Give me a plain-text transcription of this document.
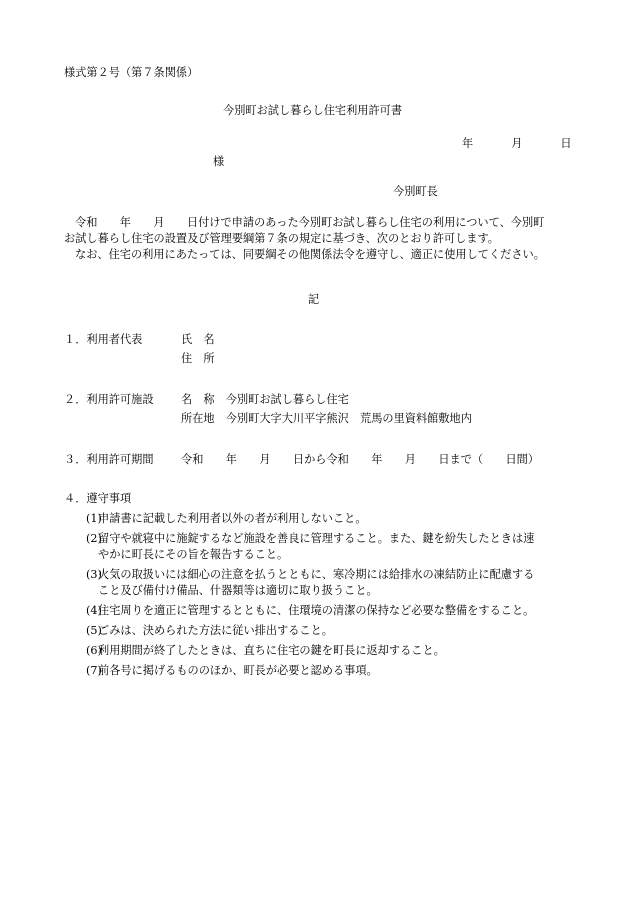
様式第２号（第７条関係）
今別町お試し暮らし住宅利用許可書
年	月	日
様
今別町長
令和　　年　　月　　日付けで申請のあった今別町お試し暮らし住宅の利用について、今別町
お試し暮らし住宅の設置及び管理要綱第７条の規定に基づき、次のとおり許可します。
なお、住宅の利用にあたっては、同要綱その他関係法令を遵守し、適正に使用してください。
記
１．利用者代表	氏　名
住　所
２．利用許可施設 名　称　今別町お試し暮らし住宅
所在地　今別町大字大川平字熊沢　荒馬の里資料館敷地内
３．利用許可期間 令和　　年　　月　　日から令和　　年　　月　　日まで（　　日間）
４．遵守事項
(1)
申請書に記載した利用者以外の者が利用しないこと。
(2)
留守や就寝中に施錠するなど施設を善良に管理すること。また、鍵を紛失したときは速
やかに町長にその旨を報告すること。
(3)
火気の取扱いには細心の注意を払うとともに、寒冷期には給排水の凍結防止に配慮する
こと及び備付け備品、什器類等は適切に取り扱うこと。
(4)
住宅周りを適正に管理するとともに、住環境の清潔の保持など必要な整備をすること。
(5)
ごみは、決められた方法に従い排出すること。
(6)
利用期間が終了したときは、直ちに住宅の鍵を町長に返却すること。
(7)
前各号に掲げるもののほか、町長が必要と認める事項。
